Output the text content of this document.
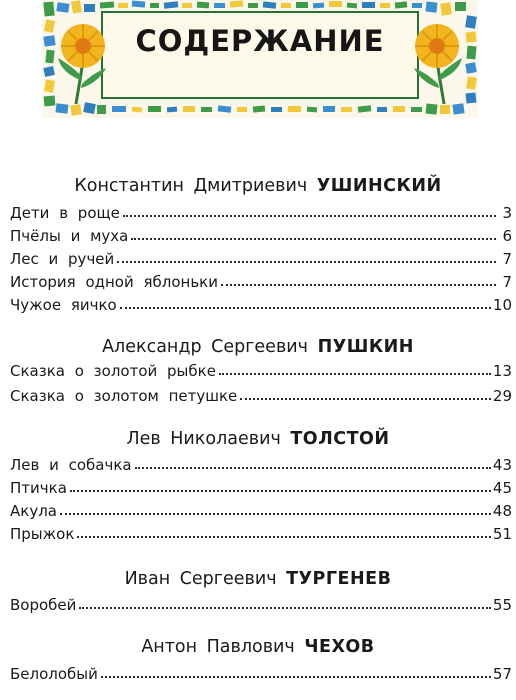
СОДЕРЖАНИЕ
Константин Дмитриевич УШИНСКИЙ
Дети в роще	3
Пчёлы и муха	6
Лес и ручей	7
История одной яблоньки	7
Чужое яичко	10
Александр Сергеевич ПУШКИН
Сказка о золотой рыбке	13
Сказка о золотом петушке	29
Лев Николаевич ТОЛСТОЙ
Лев и собачка	43
Птичка	45
Акула	48
Прыжок	51
Иван Сергеевич ТУРГЕНЕВ
Воробей	55
Антон Павлович ЧЕХОВ
Белолобый	57
